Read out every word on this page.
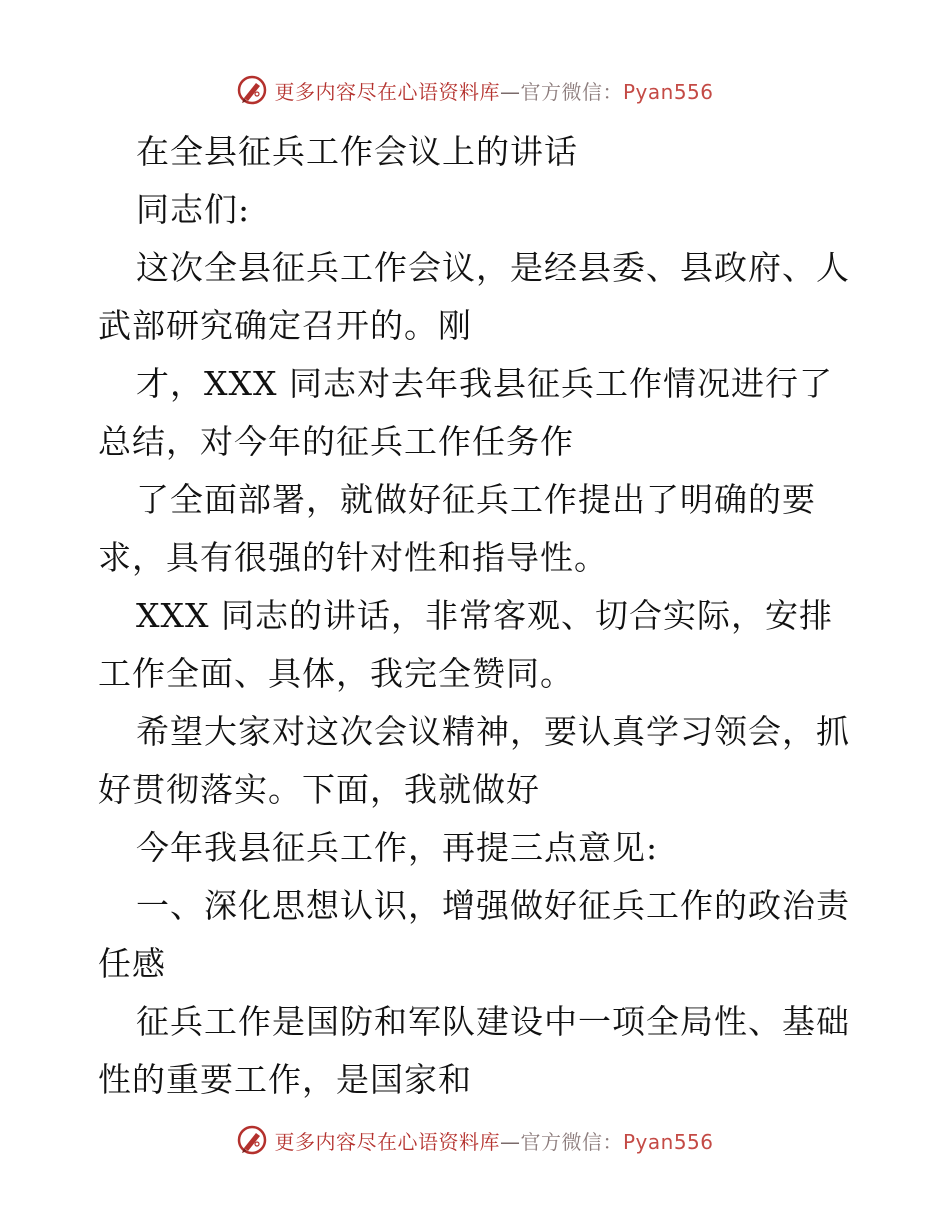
更多内容尽在心语资料库—官方微信：Pyan556

在全县征兵工作会议上的讲话

同志们:

这次全县征兵工作会议，是经县委、县政府、人武部研究确定召开的。刚

才，XXX 同志对去年我县征兵工作情况进行了总结，对今年的征兵工作任务作

了全面部署，就做好征兵工作提出了明确的要求，具有很强的针对性和指导性。

XXX 同志的讲话，非常客观、切合实际，安排工作全面、具体，我完全赞同。

希望大家对这次会议精神，要认真学习领会，抓好贯彻落实。下面，我就做好

今年我县征兵工作，再提三点意见:

一、深化思想认识，增强做好征兵工作的政治责任感

征兵工作是国防和军队建设中一项全局性、基础性的重要工作，是国家和

更多内容尽在心语资料库—官方微信：Pyan556
